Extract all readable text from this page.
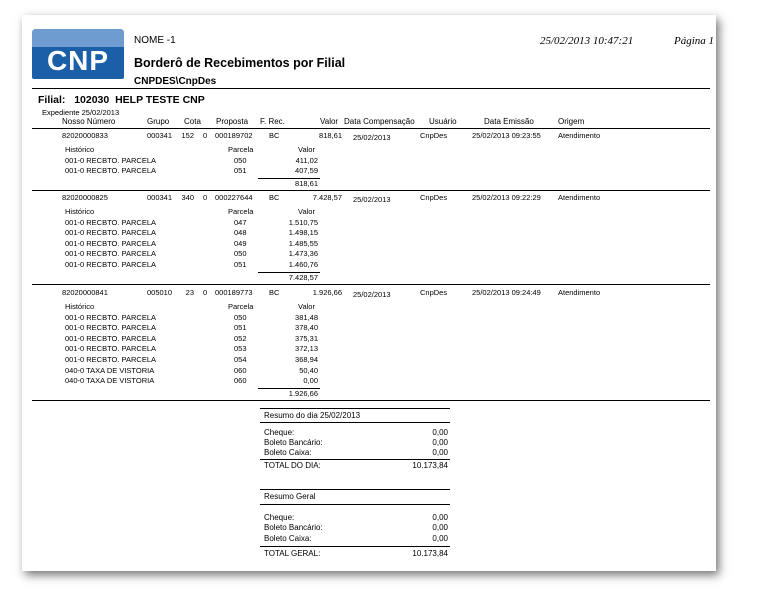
CNP
NOME -1
Borderô de Recebimentos por Filial
CNPDES\CnpDes
25/02/2013 10:47:21	Página 1
Filial: 102030 HELP TESTE CNP
Expediente 25/02/2013
Nosso Número	Grupo Cota Proposta F. Rec.	Valor Data Compensação Usuário	Data Emissão	Origem
82020000833	000341	152 0 000189702 BC	818,61 25/02/2013	CnpDes	25/02/2013 09:23:55 Atendimento
Histórico	Parcela	Valor
001-0 RECBTO. PARCELA	050	411,02
001-0 RECBTO. PARCELA	051	407,59
818,61
82020000825	000341	340 0 000227644 BC	7.428,57 25/02/2013	CnpDes	25/02/2013 09:22:29 Atendimento
Histórico	Parcela	Valor
001-0 RECBTO. PARCELA	047	1.510,75
001-0 RECBTO. PARCELA	048	1.498,15
001-0 RECBTO. PARCELA	049	1.485,55
001-0 RECBTO. PARCELA	050	1.473,36
001-0 RECBTO. PARCELA	051	1.460,76
7.428,57
82020000841	005010	23 0 000189773 BC	1.926,66 25/02/2013	CnpDes	25/02/2013 09:24:49 Atendimento
Histórico	Parcela	Valor
001-0 RECBTO. PARCELA	050	381,48
001-0 RECBTO. PARCELA	051	378,40
001-0 RECBTO. PARCELA	052	375,31
001-0 RECBTO. PARCELA	053	372,13
001-0 RECBTO. PARCELA	054	368,94
040-0 TAXA DE VISTORIA	060	50,40
040-0 TAXA DE VISTORIA	060	0,00
1.926,66
Resumo do dia 25/02/2013
Cheque:	0,00
Boleto Bancário:	0,00
Boleto Caixa:	0,00
TOTAL DO DIA:	10.173,84
Resumo Geral
Cheque:	0,00
Boleto Bancário:	0,00
Boleto Caixa:	0,00
TOTAL GERAL:	10.173,84
